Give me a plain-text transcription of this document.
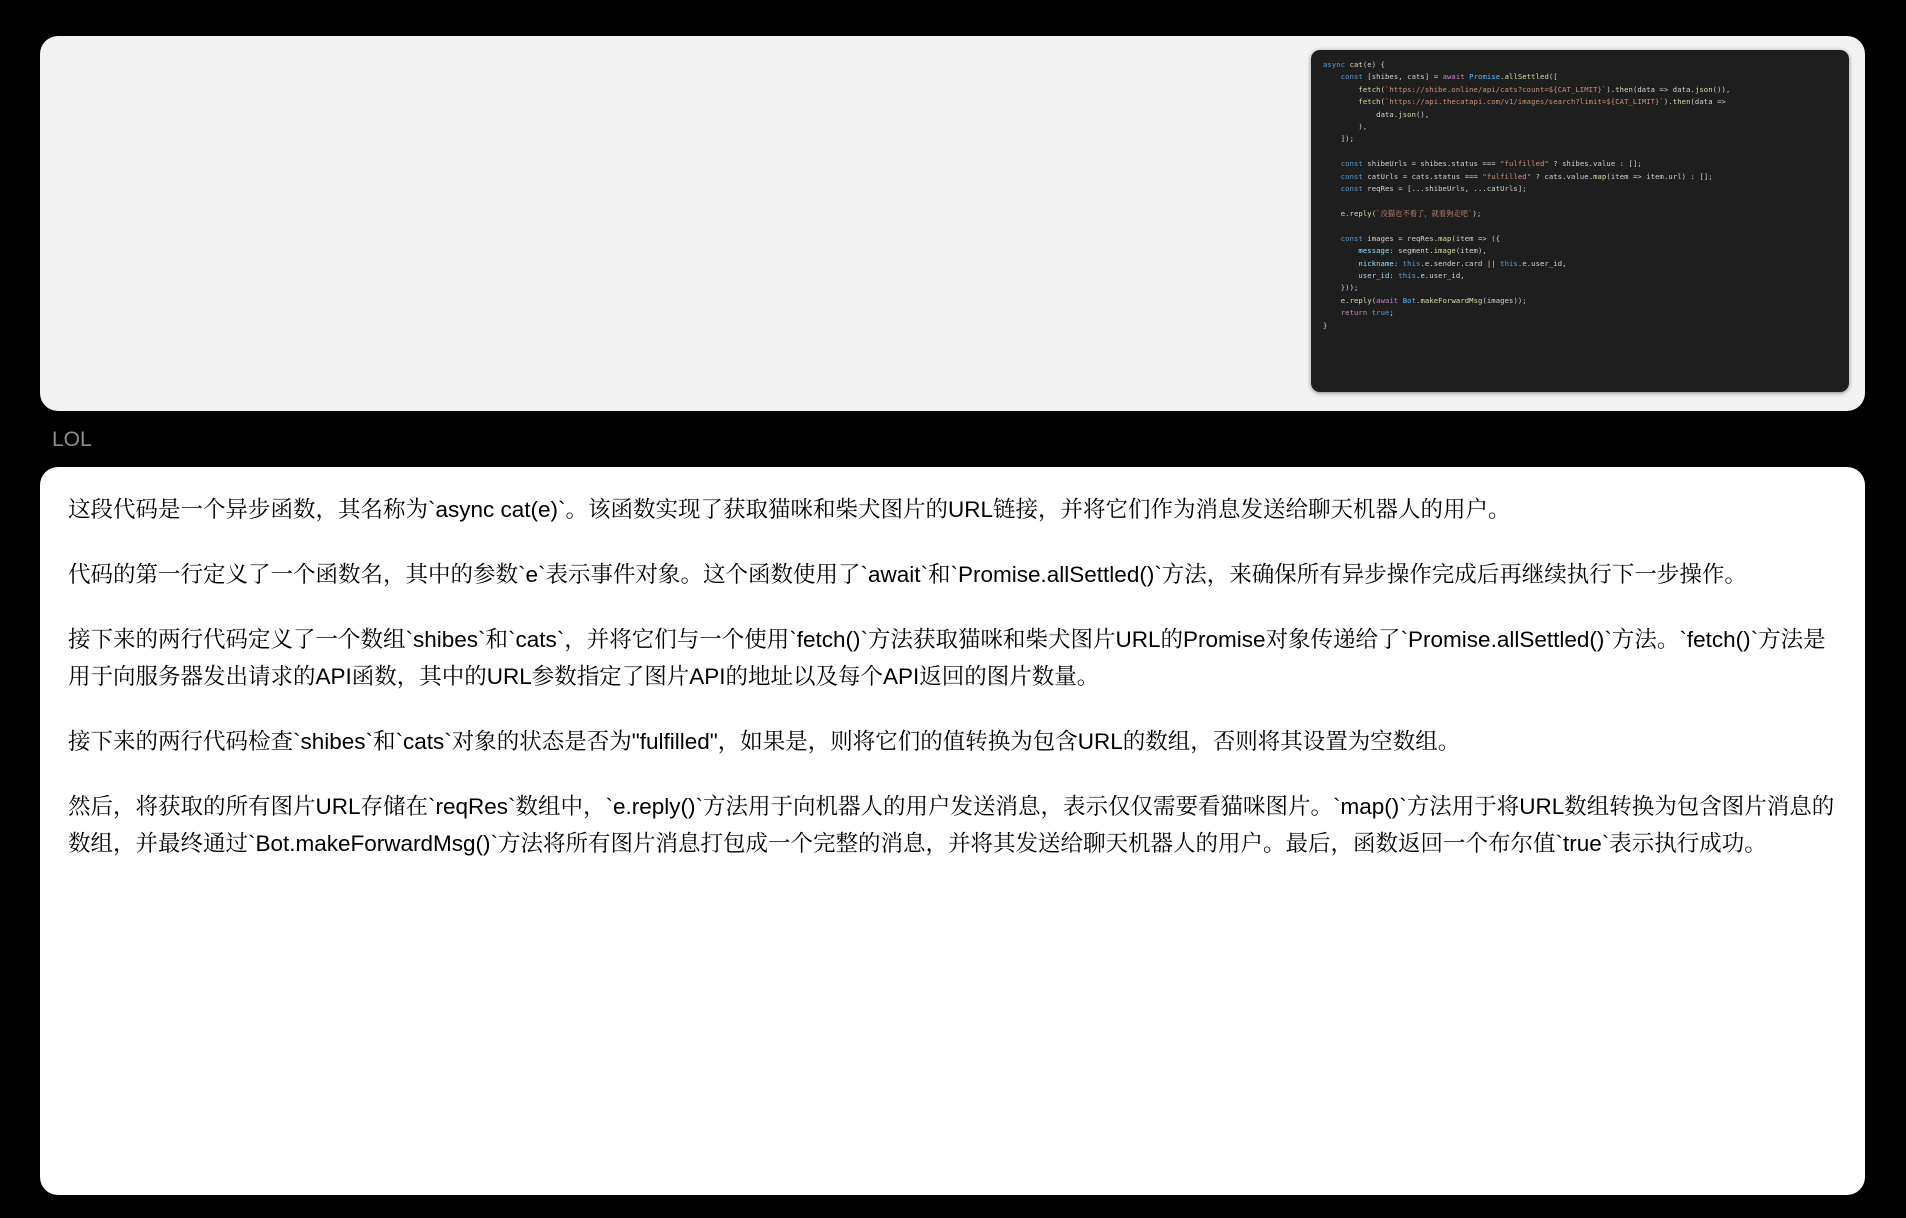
async cat(e) {
const [shibes, cats] = await Promise.allSettled([
fetch(`https://shibe.online/api/cats?count=${CAT_LIMIT}`).then(data => data.json()),
fetch(`https://api.thecatapi.com/v1/images/search?limit=${CAT_LIMIT}`).then(data =>
data.json(),
),
]);

const shibeUrls = shibes.status === "fulfilled" ? shibes.value : [];
const catUrls = cats.status === "fulfilled" ? cats.value.map(item => item.url) : [];
const reqRes = [...shibeUrls, ...catUrls];

e.reply(`没猫也不看了，就看狗走吧`);

const images = reqRes.map(item => ({
message: segment.image(item),
nickname: this.e.sender.card || this.e.user_id,
user_id: this.e.user_id,
}));
e.reply(await Bot.makeForwardMsg(images));
return true;
}
LOL

这段代码是一个异步函数，其名称为`async cat(e)`。该函数实现了获取猫咪和柴犬图片的URL链接，并将它们作为消息发送给聊天机器人的用户。

代码的第一行定义了一个函数名，其中的参数`e`表示事件对象。这个函数使用了`await`和`Promise.allSettled()`方法，来确保所有异步操作完成后再继续执行下一步操作。

接下来的两行代码定义了一个数组`shibes`和`cats`，并将它们与一个使用`fetch()`方法获取猫咪和柴犬图片URL的Promise对象传递给了`Promise.allSettled()`方法。`fetch()`方法是用于向服务器发出请求的API函数，其中的URL参数指定了图片API的地址以及每个API返回的图片数量。

接下来的两行代码检查`shibes`和`cats`对象的状态是否为"fulfilled"，如果是，则将它们的值转换为包含URL的数组，否则将其设置为空数组。

然后，将获取的所有图片URL存储在`reqRes`数组中，`e.reply()`方法用于向机器人的用户发送消息，表示仅仅需要看猫咪图片。`map()`方法用于将URL数组转换为包含图片消息的数组，并最终通过`Bot.makeForwardMsg()`方法将所有图片消息打包成一个完整的消息，并将其发送给聊天机器人的用户。最后，函数返回一个布尔值`true`表示执行成功。
